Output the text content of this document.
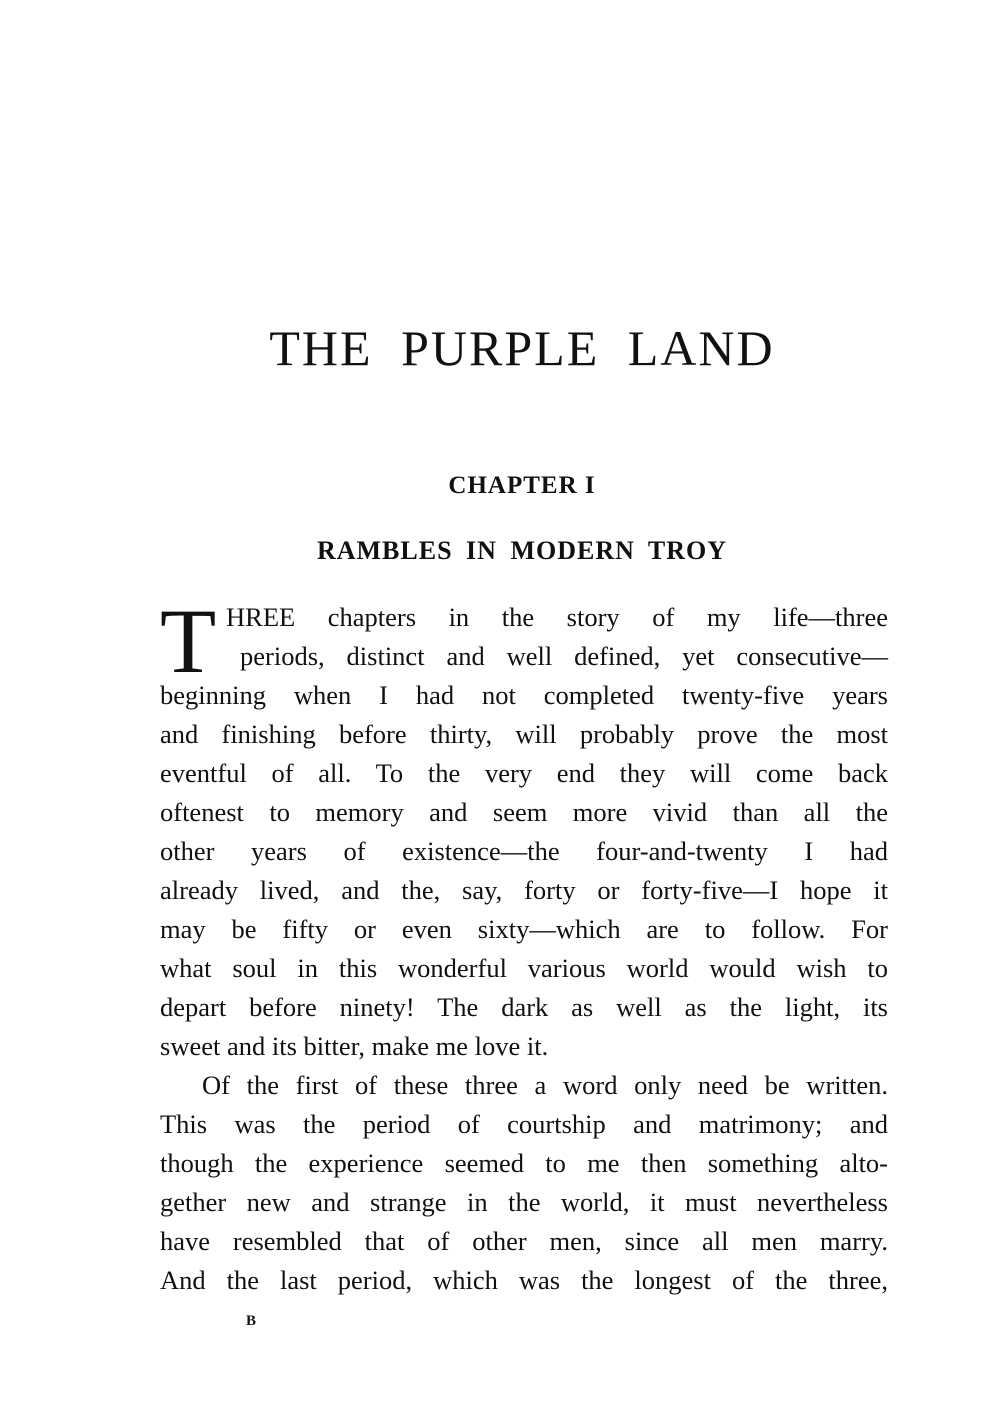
THE PURPLE LAND
CHAPTER I
RAMBLES IN MODERN TROY
T HREE chapters in the story of my life—three
periods, distinct and well defined, yet consecutive—
beginning when I had not completed twenty-five years
and finishing before thirty, will probably prove the most
eventful of all. To the very end they will come back
oftenest to memory and seem more vivid than all the
other years of existence—the four-and-twenty I had
already lived, and the, say, forty or forty-five—I hope it
may be fifty or even sixty—which are to follow. For
what soul in this wonderful various world would wish to
depart before ninety! The dark as well as the light, its
sweet and its bitter, make me love it.
Of the first of these three a word only need be written.
This was the period of courtship and matrimony; and
though the experience seemed to me then something alto-
gether new and strange in the world, it must nevertheless
have resembled that of other men, since all men marry.
And the last period, which was the longest of the three,
B
